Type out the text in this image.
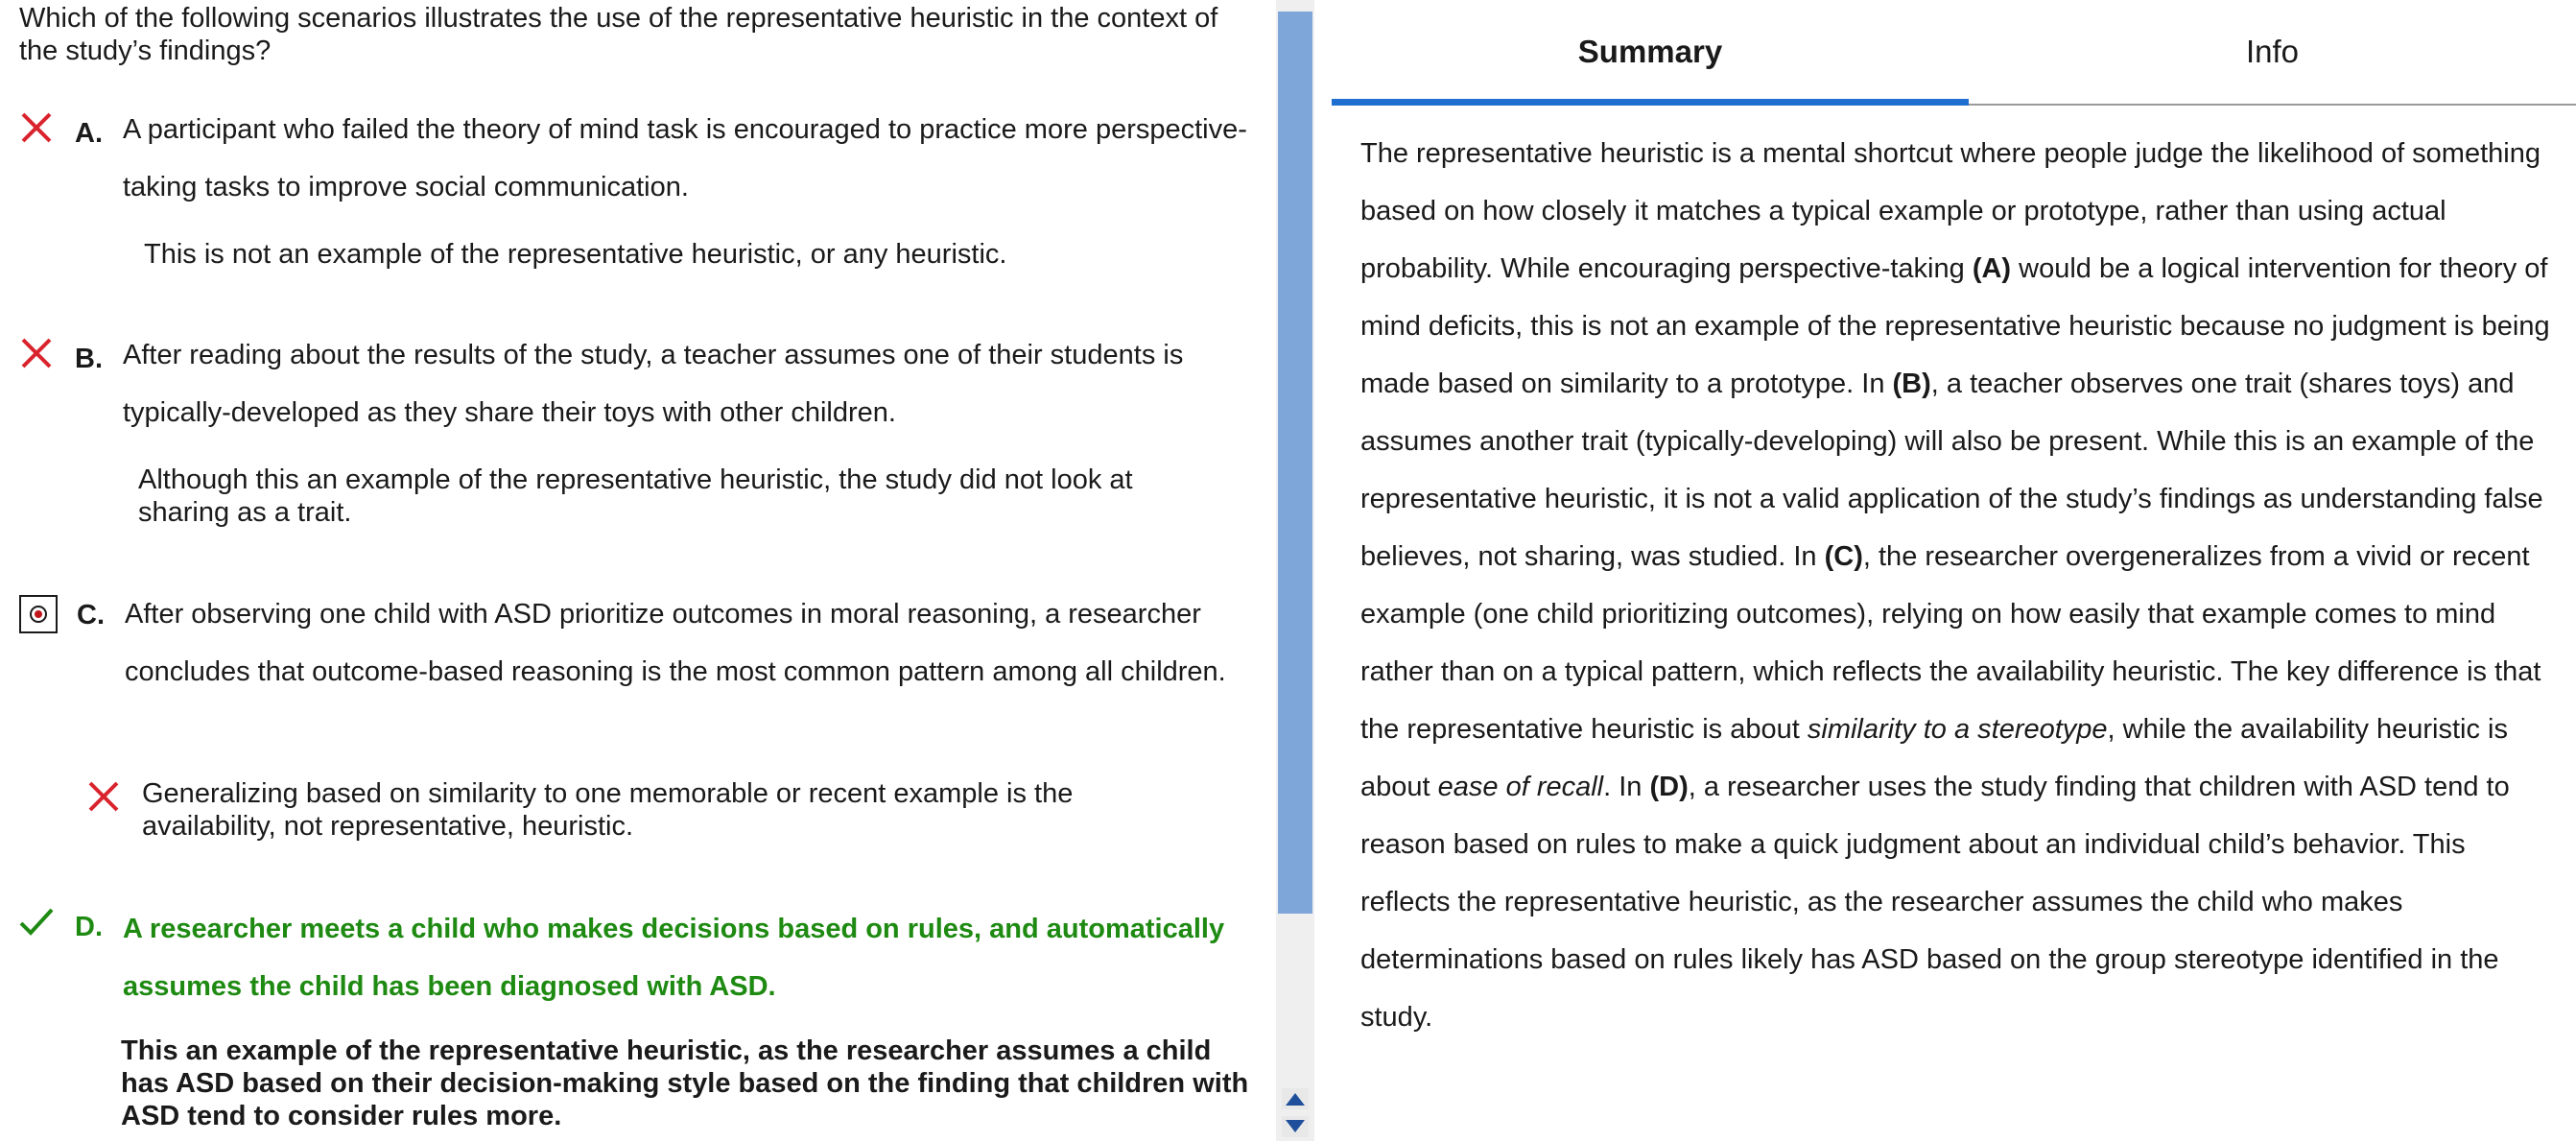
Which of the following scenarios illustrates the use of the representative heuristic in the context of the study’s findings?

A. A participant who failed the theory of mind task is encouraged to practice more perspective-taking tasks to improve social communication.
This is not an example of the representative heuristic, or any heuristic.
B. After reading about the results of the study, a teacher assumes one of their students is typically-developed as they share their toys with other children.
Although this an example of the representative heuristic, the study did not look at sharing as a trait.
C. After observing one child with ASD prioritize outcomes in moral reasoning, a researcher concludes that outcome-based reasoning is the most common pattern among all children.
Generalizing based on similarity to one memorable or recent example is the availability, not representative, heuristic.
D. A researcher meets a child who makes decisions based on rules, and automatically assumes the child has been diagnosed with ASD.
This an example of the representative heuristic, as the researcher assumes a child has ASD based on their decision-making style based on the finding that children with ASD tend to consider rules more.
Summary	Info

The representative heuristic is a mental shortcut where people judge the likelihood of something based on how closely it matches a typical example or prototype, rather than using actual probability. While encouraging perspective-taking (A) would be a logical intervention for theory of mind deficits, this is not an example of the representative heuristic because no judgment is being made based on similarity to a prototype. In (B), a teacher observes one trait (shares toys) and assumes another trait (typically-developing) will also be present. While this is an example of the representative heuristic, it is not a valid application of the study’s findings as understanding false believes, not sharing, was studied. In (C), the researcher overgeneralizes from a vivid or recent example (one child prioritizing outcomes), relying on how easily that example comes to mind rather than on a typical pattern, which reflects the availability heuristic. The key difference is that the representative heuristic is about similarity to a stereotype, while the availability heuristic is about ease of recall. In (D), a researcher uses the study finding that children with ASD tend to reason based on rules to make a quick judgment about an individual child’s behavior. This reflects the representative heuristic, as the researcher assumes the child who makes determinations based on rules likely has ASD based on the group stereotype identified in the study.
